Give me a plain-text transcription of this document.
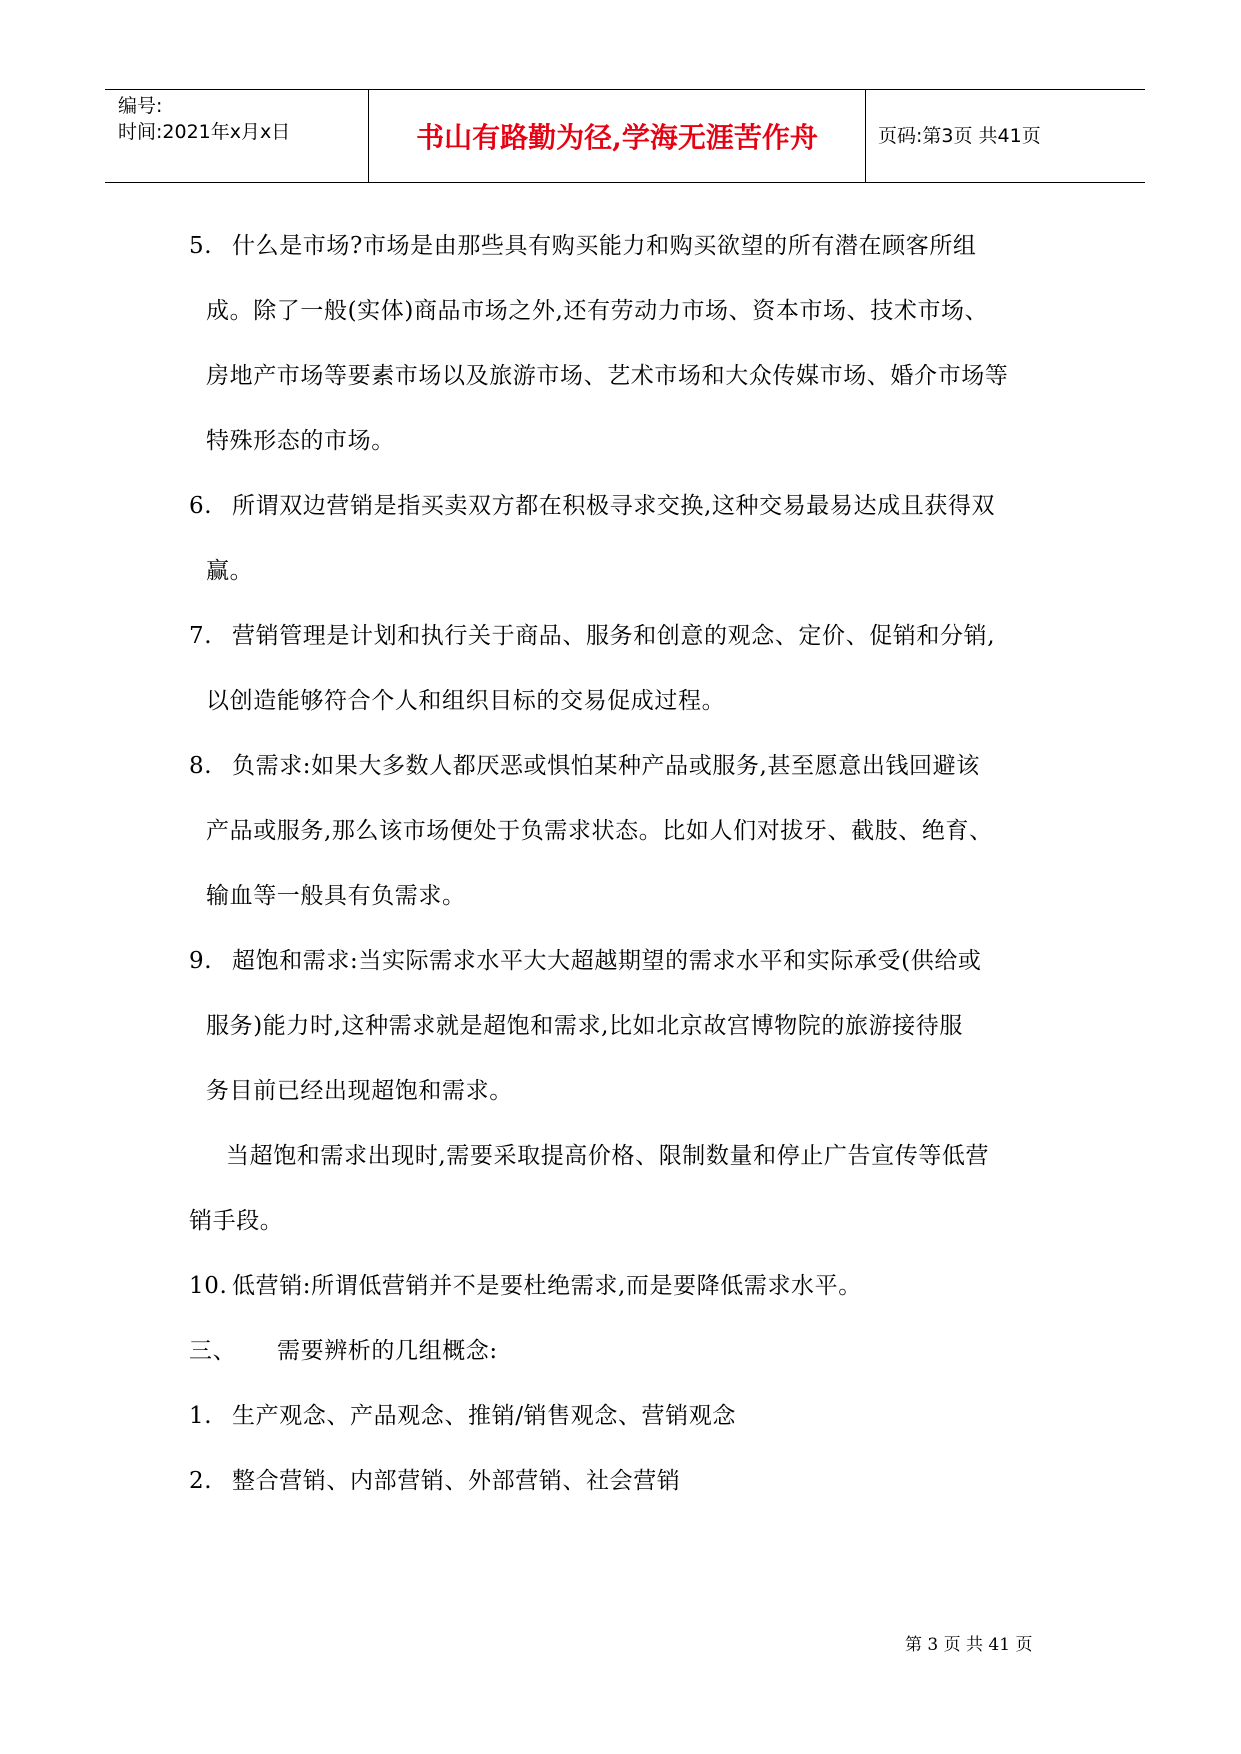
编号:
时间:2021年x月x日	书山有路勤为径,学海无涯苦作舟	页码:第3页 共41页
5. 什么是市场?市场是由那些具有购买能力和购买欲望的所有潜在顾客所组
成。除了一般(实体)商品市场之外,还有劳动力市场、资本市场、技术市场、
房地产市场等要素市场以及旅游市场、艺术市场和大众传媒市场、婚介市场等
特殊形态的市场。
6. 所谓双边营销是指买卖双方都在积极寻求交换,这种交易最易达成且获得双
赢。
7. 营销管理是计划和执行关于商品、服务和创意的观念、定价、促销和分销,
以创造能够符合个人和组织目标的交易促成过程。
8. 负需求:如果大多数人都厌恶或惧怕某种产品或服务,甚至愿意出钱回避该
产品或服务,那么该市场便处于负需求状态。比如人们对拔牙、截肢、绝育、
输血等一般具有负需求。
9. 超饱和需求:当实际需求水平大大超越期望的需求水平和实际承受(供给或
服务)能力时,这种需求就是超饱和需求,比如北京故宫博物院的旅游接待服
务目前已经出现超饱和需求。
当超饱和需求出现时,需要采取提高价格、限制数量和停止广告宣传等低营
销手段。
10. 低营销:所谓低营销并不是要杜绝需求,而是要降低需求水平。
三、 需要辨析的几组概念:
1. 生产观念、产品观念、推销/销售观念、营销观念
2. 整合营销、内部营销、外部营销、社会营销
第 3 页 共 41 页
